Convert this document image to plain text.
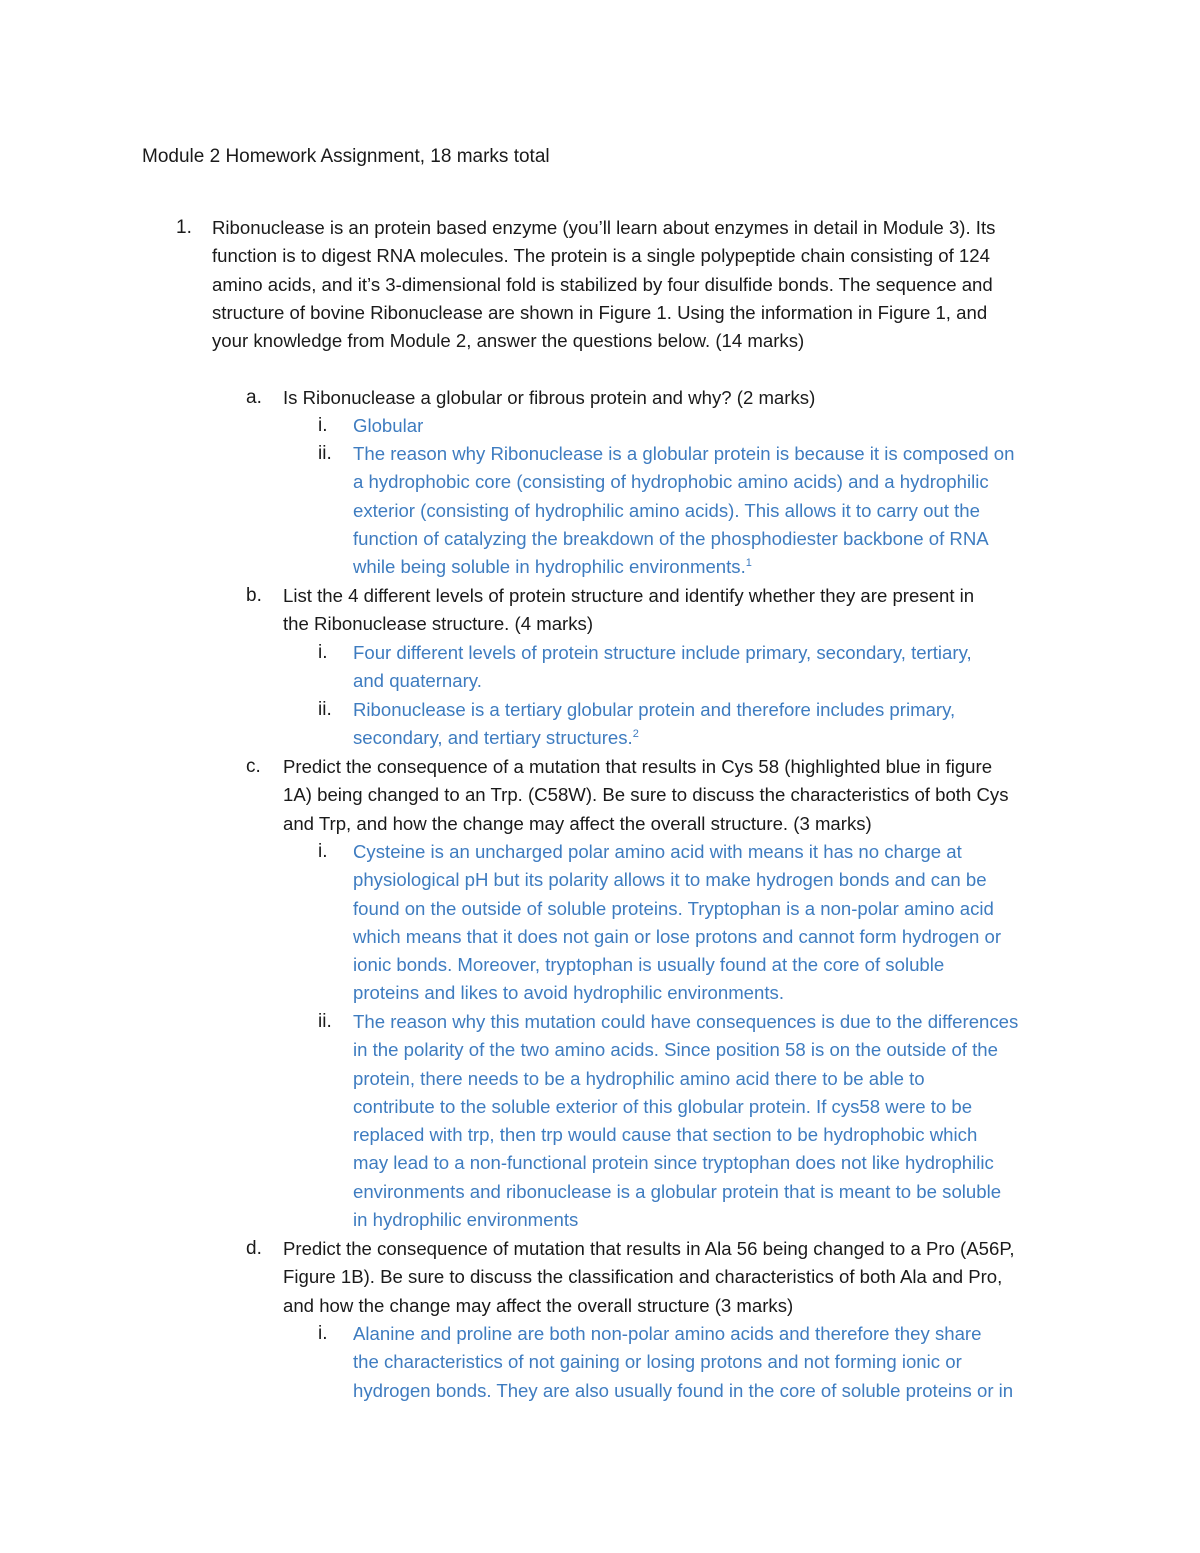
Module 2 Homework Assignment, 18 marks total
1. Ribonuclease is an protein based enzyme (you’ll learn about enzymes in detail in Module 3). Its
function is to digest RNA molecules. The protein is a single polypeptide chain consisting of 124
amino acids, and it’s 3-dimensional fold is stabilized by four disulfide bonds. The sequence and
structure of bovine Ribonuclease are shown in Figure 1. Using the information in Figure 1, and
your knowledge from Module 2, answer the questions below. (14 marks)
a. Is Ribonuclease a globular or fibrous protein and why? (2 marks)
i.	Globular
ii.	The reason why Ribonuclease is a globular protein is because it is composed on
a hydrophobic core (consisting of hydrophobic amino acids) and a hydrophilic
exterior (consisting of hydrophilic amino acids). This allows it to carry out the
function of catalyzing the breakdown of the phosphodiester backbone of RNA
while being soluble in hydrophilic environments.$^1$
b. List the 4 different levels of protein structure and identify whether they are present in
the Ribonuclease structure. (4 marks)
i.	Four different levels of protein structure include primary, secondary, tertiary,
and quaternary.
ii.	Ribonuclease is a tertiary globular protein and therefore includes primary,
secondary, and tertiary structures.$^2$
c. Predict the consequence of a mutation that results in Cys 58 (highlighted blue in figure
1A) being changed to an Trp. (C58W). Be sure to discuss the characteristics of both Cys
and Trp, and how the change may affect the overall structure. (3 marks)
i.	Cysteine is an uncharged polar amino acid with means it has no charge at
physiological pH but its polarity allows it to make hydrogen bonds and can be
found on the outside of soluble proteins. Tryptophan is a non-polar amino acid
which means that it does not gain or lose protons and cannot form hydrogen or
ionic bonds. Moreover, tryptophan is usually found at the core of soluble
proteins and likes to avoid hydrophilic environments.
ii.	The reason why this mutation could have consequences is due to the differences
in the polarity of the two amino acids. Since position 58 is on the outside of the
protein, there needs to be a hydrophilic amino acid there to be able to
contribute to the soluble exterior of this globular protein. If cys58 were to be
replaced with trp, then trp would cause that section to be hydrophobic which
may lead to a non-functional protein since tryptophan does not like hydrophilic
environments and ribonuclease is a globular protein that is meant to be soluble
in hydrophilic environments
d. Predict the consequence of mutation that results in Ala 56 being changed to a Pro (A56P,
Figure 1B). Be sure to discuss the classification and characteristics of both Ala and Pro,
and how the change may affect the overall structure (3 marks)
i.	Alanine and proline are both non-polar amino acids and therefore they share
the characteristics of not gaining or losing protons and not forming ionic or
hydrogen bonds. They are also usually found in the core of soluble proteins or in
